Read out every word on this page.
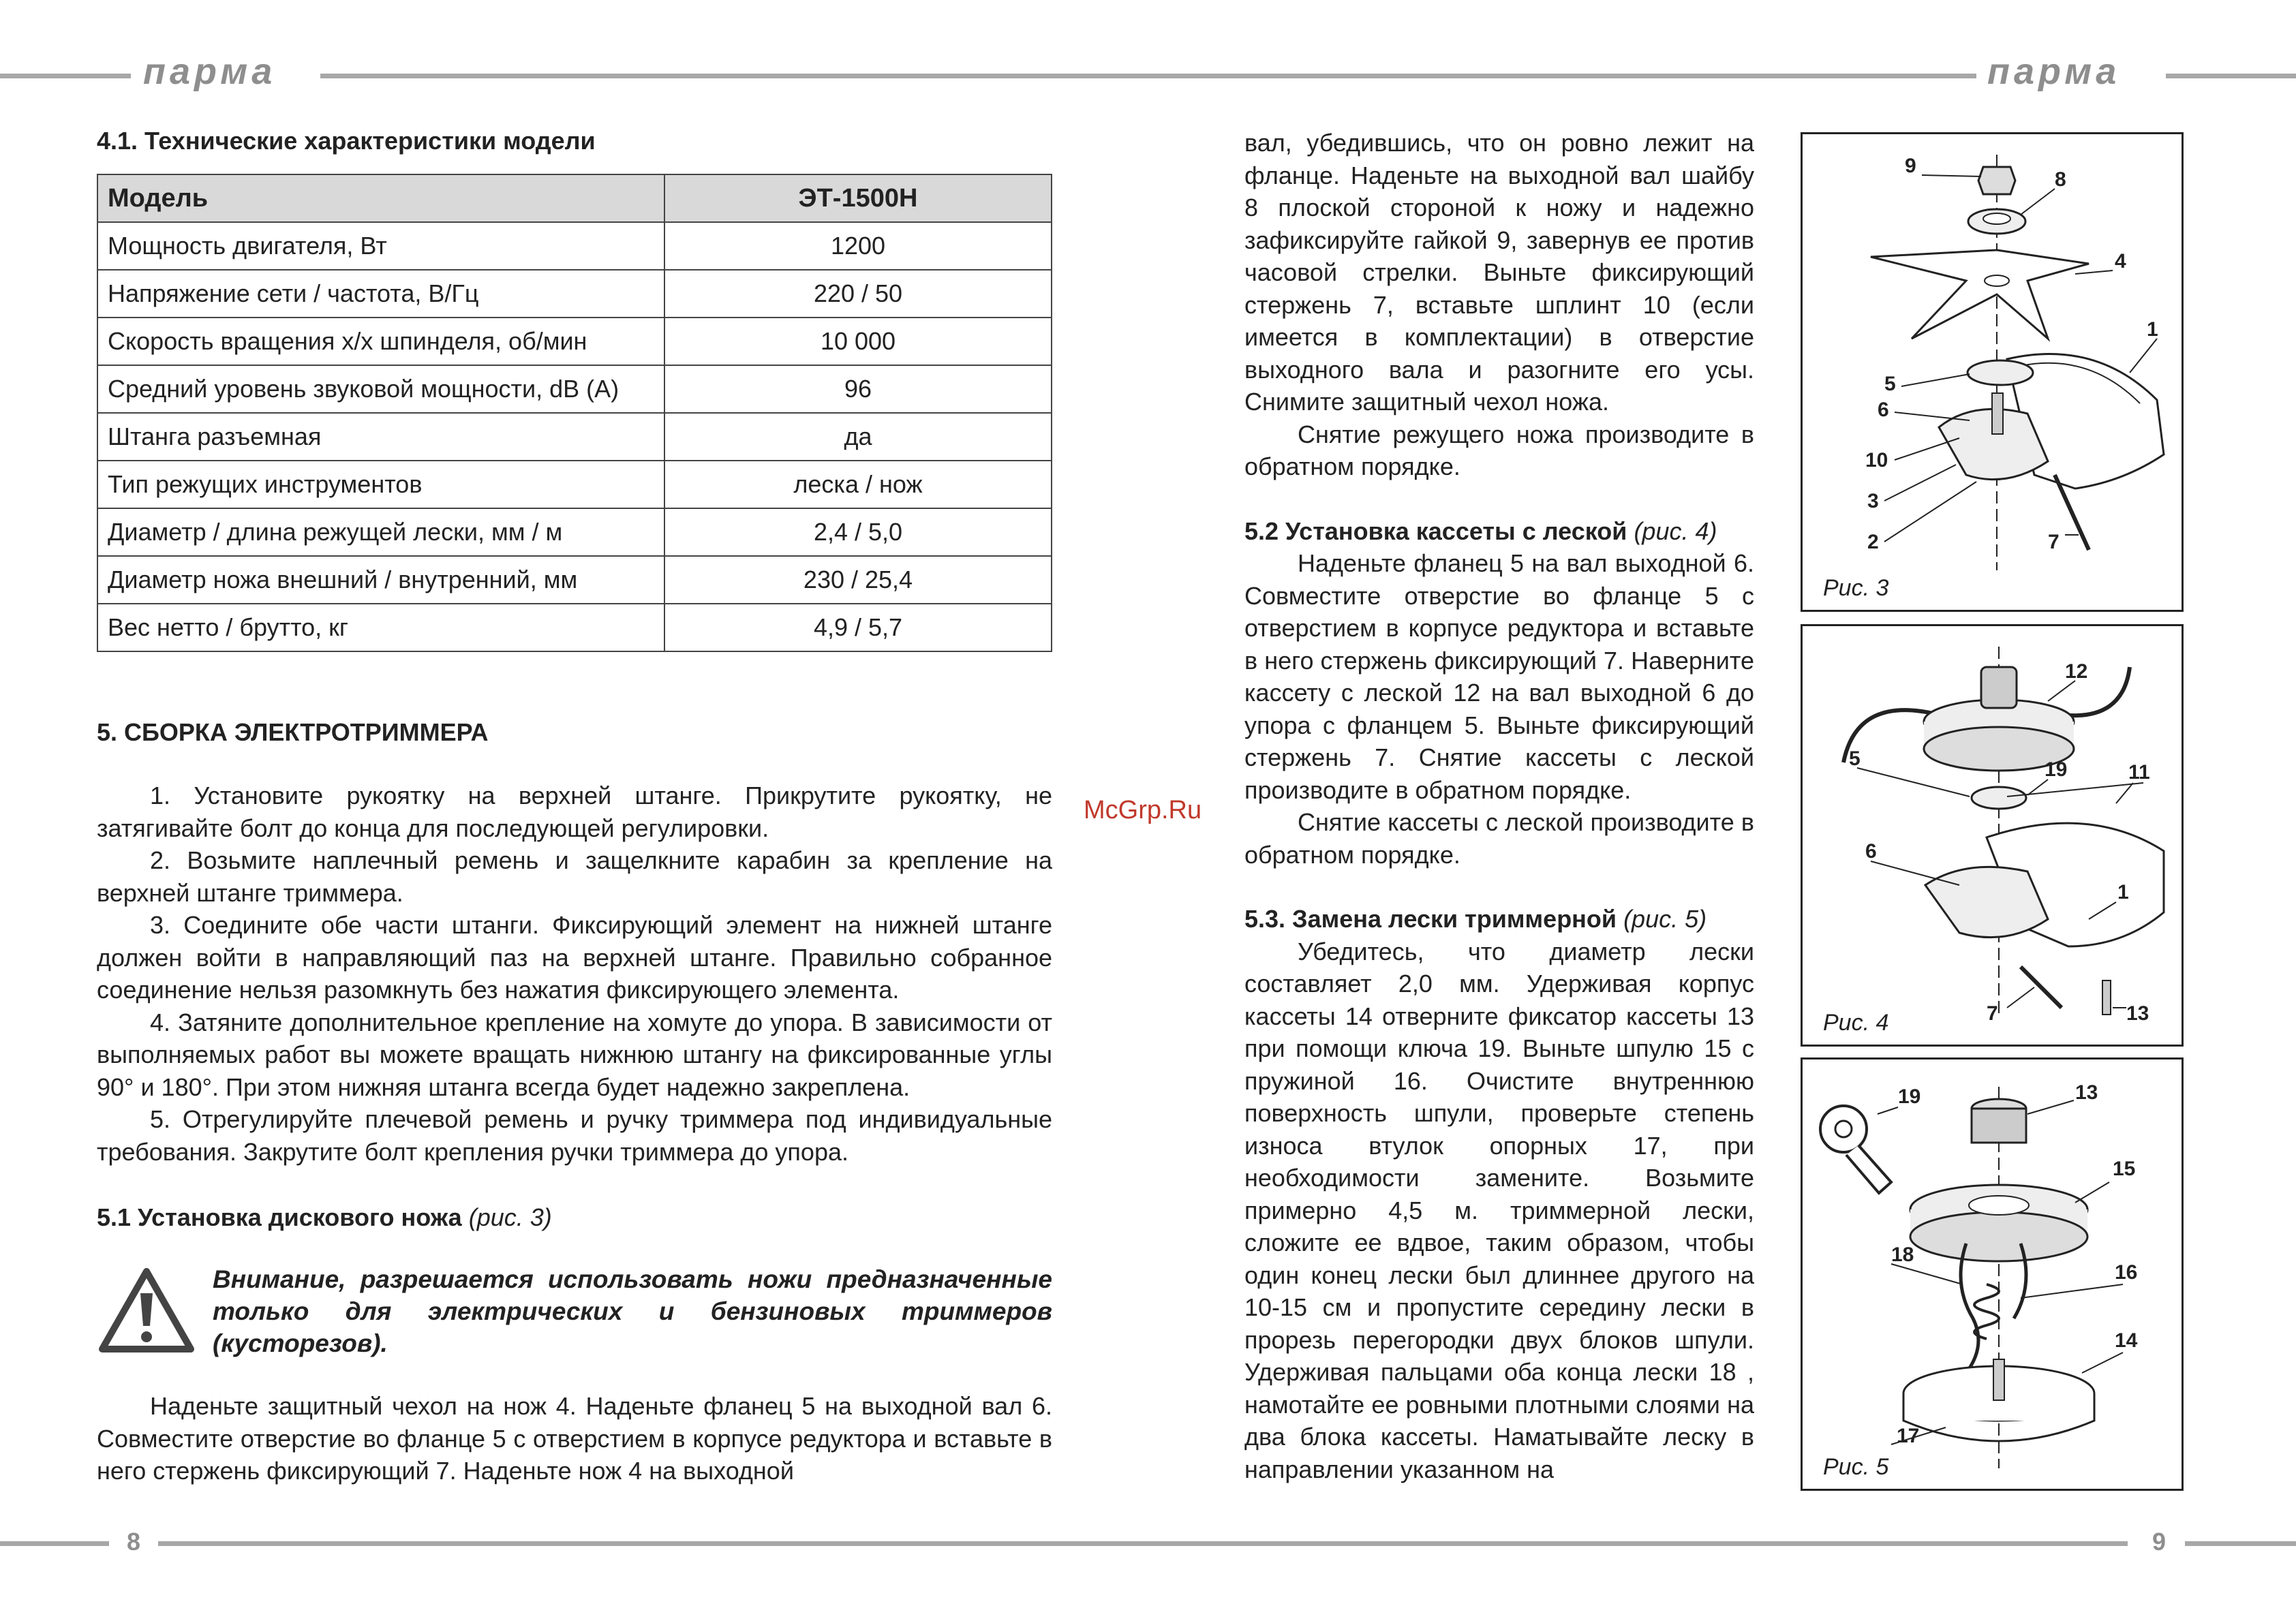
парма	парма
8	9
4.1. Технические характеристики модели
Модель	ЭТ-1500Н
Мощность двигателя, Вт	1200
Напряжение сети / частота, В/Гц	220 / 50
Скорость вращения х/х шпинделя, об/мин	10 000
Средний уровень звуковой мощности, dB (A)	96
Штанга разъемная	да
Тип режущих инструментов	леска / нож
Диаметр / длина режущей лески, мм / м	2,4 / 5,0
Диаметр ножа внешний / внутренний, мм	230 / 25,4
Вес нетто / брутто, кг	4,9 / 5,7
5. СБОРКА ЭЛЕКТРОТРИММЕРА

1. Установите рукоятку на верхней штанге. Прикрутите рукоятку, не затягивайте болт до конца для последующей регулировки.

2. Возьмите наплечный ремень и защелкните карабин за крепление на верхней штанге триммера.

3. Соедините обе части штанги. Фиксирующий элемент на нижней штанге должен войти в направляющий паз на верхней штанге. Правильно собранное соединение нельзя разомкнуть без нажатия фиксирующего элемента.

4. Затяните дополнительное крепление на хомуте до упора. В зависимости от выполняемых работ вы можете вращать нижнюю штангу на фиксированные углы 90° и 180°. При этом нижняя штанга всегда будет надежно закреплена.

5. Отрегулируйте плечевой ремень и ручку триммера под индивидуальные требования. Закрутите болт крепления ручки триммера до упора.

5.1 Установка дискового ножа (рис. 3)
Внимание, разрешается использовать ножи предназначенные только для электрических и бензиновых триммеров (кусторезов).

Наденьте защитный чехол на нож 4. Наденьте фланец 5 на выходной вал 6. Совместите отверстие во фланце 5 с отверстием в корпусе редуктора и вставьте в него стержень фиксирующий 7. Наденьте нож 4 на выходной

McGrp.Ru

вал, убедившись, что он ровно лежит на фланце. Наденьте на выходной вал шайбу 8 плоской стороной к ножу и надежно зафиксируйте гайкой 9, завернув ее против часовой стрелки. Выньте фиксирующий стержень 7, вставьте шплинт 10 (если имеется в комплектации) в отверстие выходного вала и разогните его усы. Снимите защитный чехол ножа.

Снятие режущего ножа производите в обратном порядке.

5.2 Установка кассеты с леской (рис. 4)

Наденьте фланец 5 на вал выходной 6. Совместите отверстие во фланце 5 с отверстием в корпусе редуктора и вставьте в него стержень фиксирующий 7. Наверните кассету с леской 12 на вал выходной 6 до упора с фланцем 5. Выньте фиксирующий стержень 7. Снятие кассеты с леской производите в обратном порядке.

Снятие кассеты с леской производите в обратном порядке.

5.3. Замена лески триммерной (рис. 5)

Убедитесь, что диаметр лески составляет 2,0 мм. Удерживая корпус кассеты 14 отверните фиксатор кассеты 13 при помощи ключа 19. Выньте шпулю 15 с пружиной 16. Очистите внутреннюю поверхность шпули, проверьте степень износа втулок опорных 17, при необходимости замените. Возьмите примерно 4,5 м. триммерной лески, сложите ее вдвое, таким образом, чтобы один конец лески был длиннее другого на 10-15 см и пропустите середину лески в прорезь перегородки двух блоков шпули. Удерживая пальцами оба конца лески 18 , намотайте ее ровными плотными слоями на два блока кассеты. Наматывайте леску в направлении указанном на

9
8
4
1
5
6
10
3
2	7
Рис. 3
12
5	19	11
6
1
7	13
Рис. 4
19	13
15
18
16
14
17
Рис. 5
